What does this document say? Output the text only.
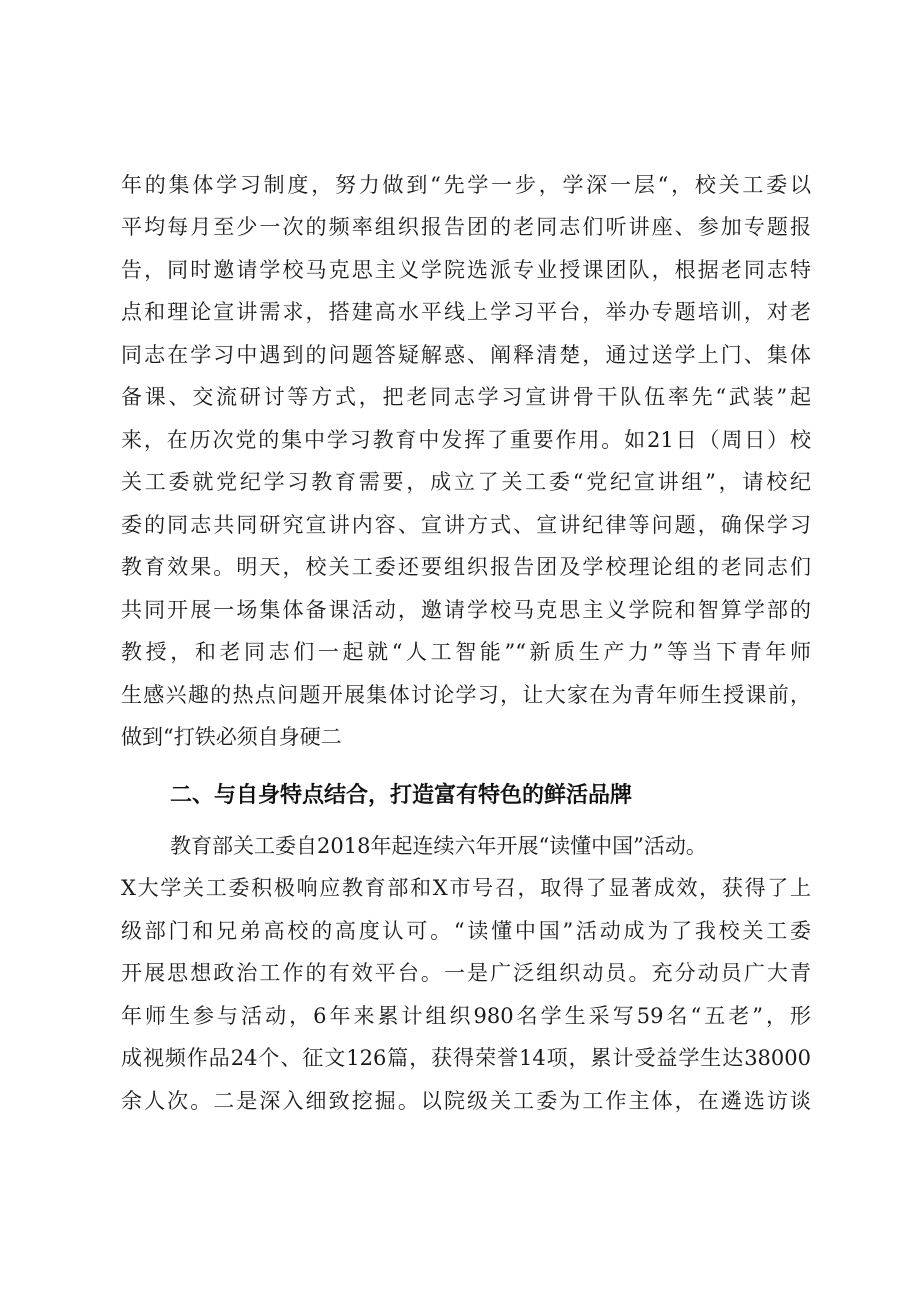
年的集体学习制度，努力做到“先学一步，学深一层“，校关工委以
平均每月至少一次的频率组织报告团的老同志们听讲座、参加专题报
告，同时邀请学校马克思主义学院选派专业授课团队，根据老同志特
点和理论宣讲需求，搭建高水平线上学习平台，举办专题培训，对老
同志在学习中遇到的问题答疑解惑、阐释清楚，通过送学上门、集体
备课、交流研讨等方式，把老同志学习宣讲骨干队伍率先“武装”起
来，在历次党的集中学习教育中发挥了重要作用。如21日（周日）校
关工委就党纪学习教育需要，成立了关工委“党纪宣讲组”，请校纪
委的同志共同研究宣讲内容、宣讲方式、宣讲纪律等问题，确保学习
教育效果。明天，校关工委还要组织报告团及学校理论组的老同志们
共同开展一场集体备课活动，邀请学校马克思主义学院和智算学部的
教授，和老同志们一起就“人工智能”“新质生产力”等当下青年师
生感兴趣的热点问题开展集体讨论学习，让大家在为青年师生授课前，
做到“打铁必须自身硬二
二、与自身特点结合，打造富有特色的鲜活品牌
教育部关工委自2018年起连续六年开展“读懂中国”活动。
X大学关工委积极响应教育部和X市号召，取得了显著成效，获得了上
级部门和兄弟高校的高度认可。“读懂中国”活动成为了我校关工委
开展思想政治工作的有效平台。一是广泛组织动员。充分动员广大青
年师生参与活动，6年来累计组织980名学生采写59名“五老”，形
成视频作品24个、征文126篇，获得荣誉14项，累计受益学生达38000
余人次。二是深入细致挖掘。以院级关工委为工作主体，在遴选访谈
